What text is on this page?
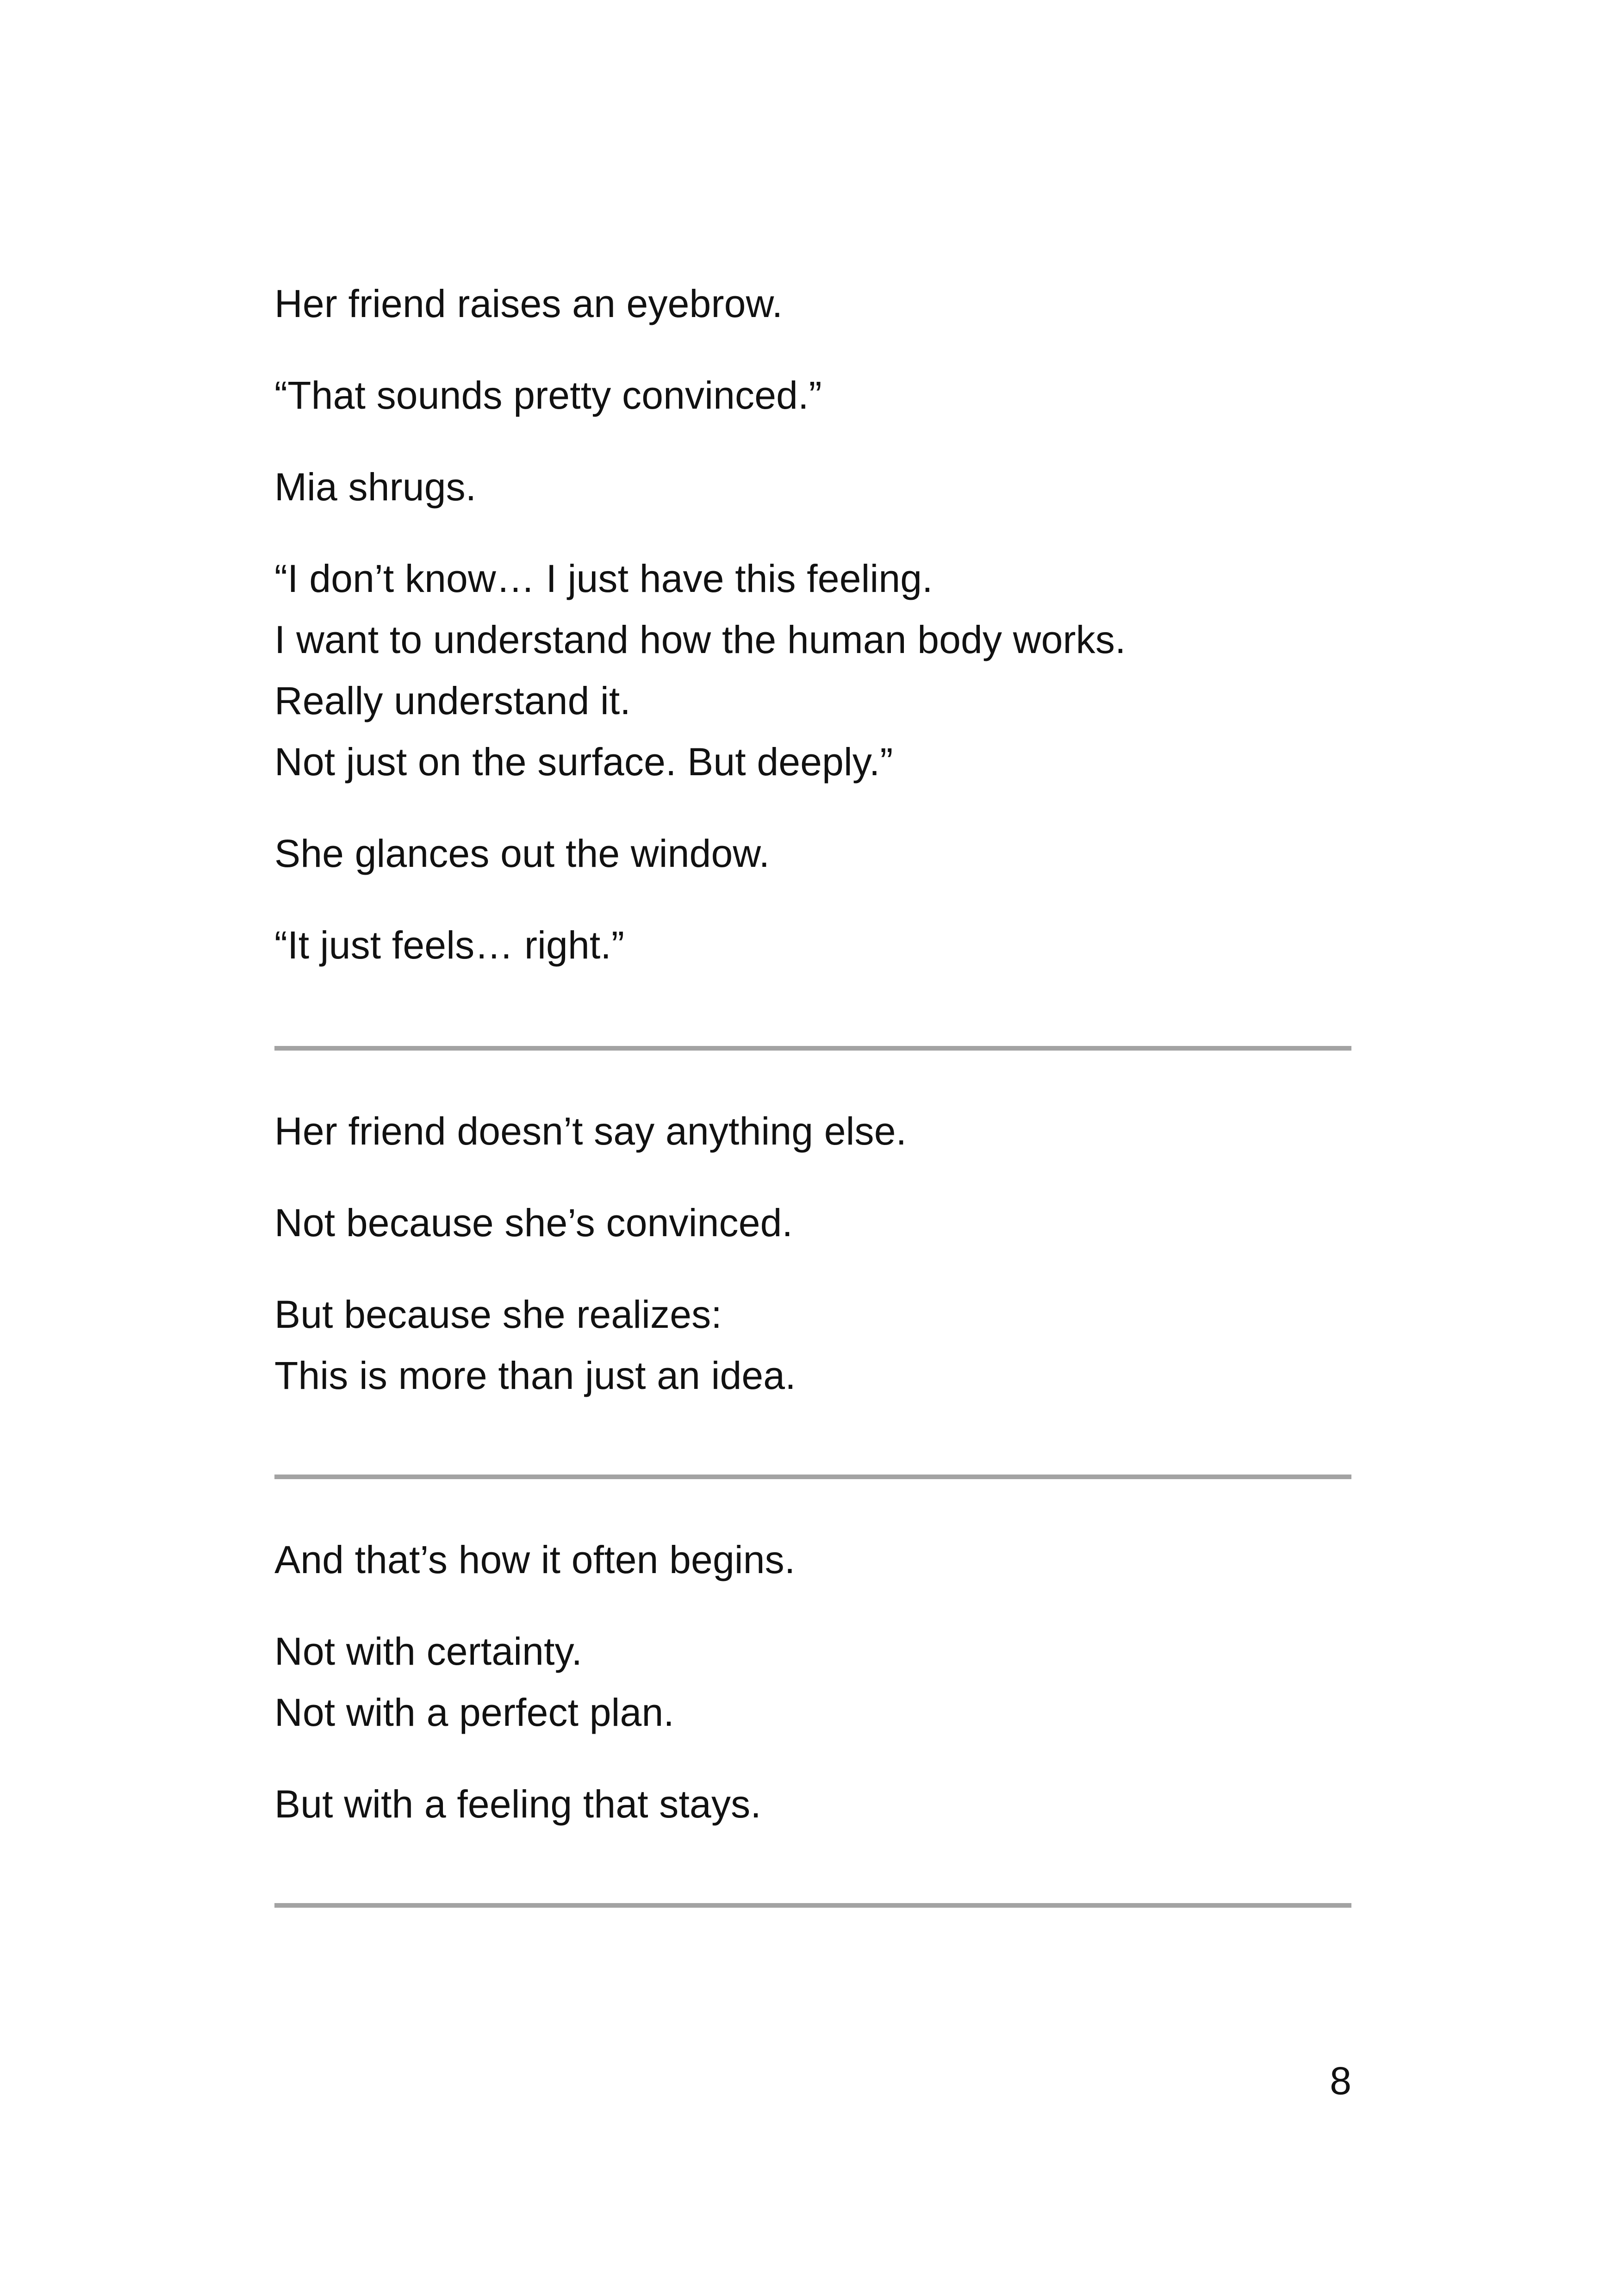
Her friend raises an eyebrow.

“That sounds pretty convinced.”

Mia shrugs.

“I don’t know… I just have this feeling.
I want to understand how the human body works.
Really understand it.
Not just on the surface. But deeply.”

She glances out the window.

“It just feels… right.”

Her friend doesn’t say anything else.

Not because she’s convinced.

But because she realizes:
This is more than just an idea.

And that’s how it often begins.

Not with certainty.
Not with a perfect plan.

But with a feeling that stays.

8
